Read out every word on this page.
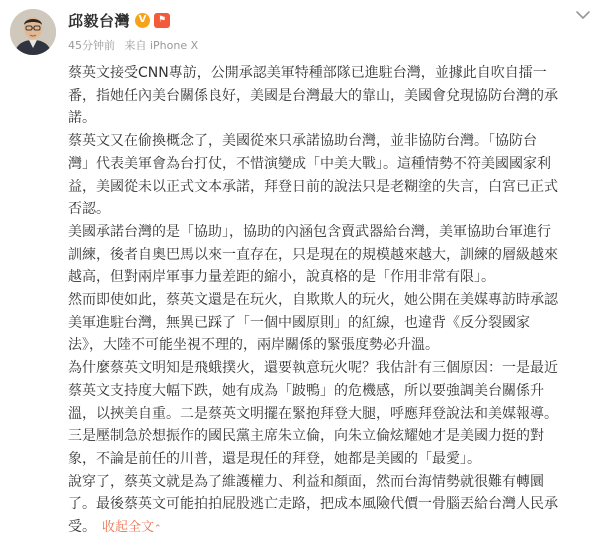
邱毅台灣 V	⚑
45分钟前 来自 iPhone X

蔡英文接受CNN專訪，公開承認美軍特種部隊已進駐台灣，並據此自吹自擂一

番，指她任內美台關係良好，美國是台灣最大的靠山，美國會兌現協防台灣的承

諾。

蔡英文又在偷換概念了，美國從來只承諾協助台灣，並非協防台灣。「協防台

灣」代表美軍會為台打仗，不惜演變成「中美大戰」。這種情勢不符美國國家利

益，美國從未以正式文本承諾，拜登日前的說法只是老糊塗的失言，白宮已正式

否認。

美國承諾台灣的是「協助」，協助的內涵包含賣武器給台灣，美軍協助台軍進行

訓練，後者自奧巴馬以來一直存在，只是現在的規模越來越大，訓練的層級越來

越高，但對兩岸軍事力量差距的縮小，說真格的是「作用非常有限」。

然而即使如此，蔡英文還是在玩火，自欺欺人的玩火，她公開在美媒專訪時承認

美軍進駐台灣，無異已踩了「一個中國原則」的紅線，也違背《反分裂國家

法》，大陸不可能坐視不理的，兩岸關係的緊張度勢必升溫。

為什麼蔡英文明知是飛蛾撲火，還要執意玩火呢？我估計有三個原因：一是最近

蔡英文支持度大幅下跌，她有成為「跛鴨」的危機感，所以要強調美台關係升

溫，以挾美自重。二是蔡英文明擺在緊抱拜登大腿，呼應拜登說法和美媒報導。

三是壓制急於想振作的國民黨主席朱立倫，向朱立倫炫耀她才是美國力挺的對

象，不論是前任的川普，還是現任的拜登，她都是美國的「最愛」。

說穿了，蔡英文就是為了維護權力、利益和顏面，然而台海情勢就很難有轉圜

了。最後蔡英文可能拍拍屁股逃亡走路，把成本風險代價一骨腦丟給台灣人民承

受。 收起全文⌃
